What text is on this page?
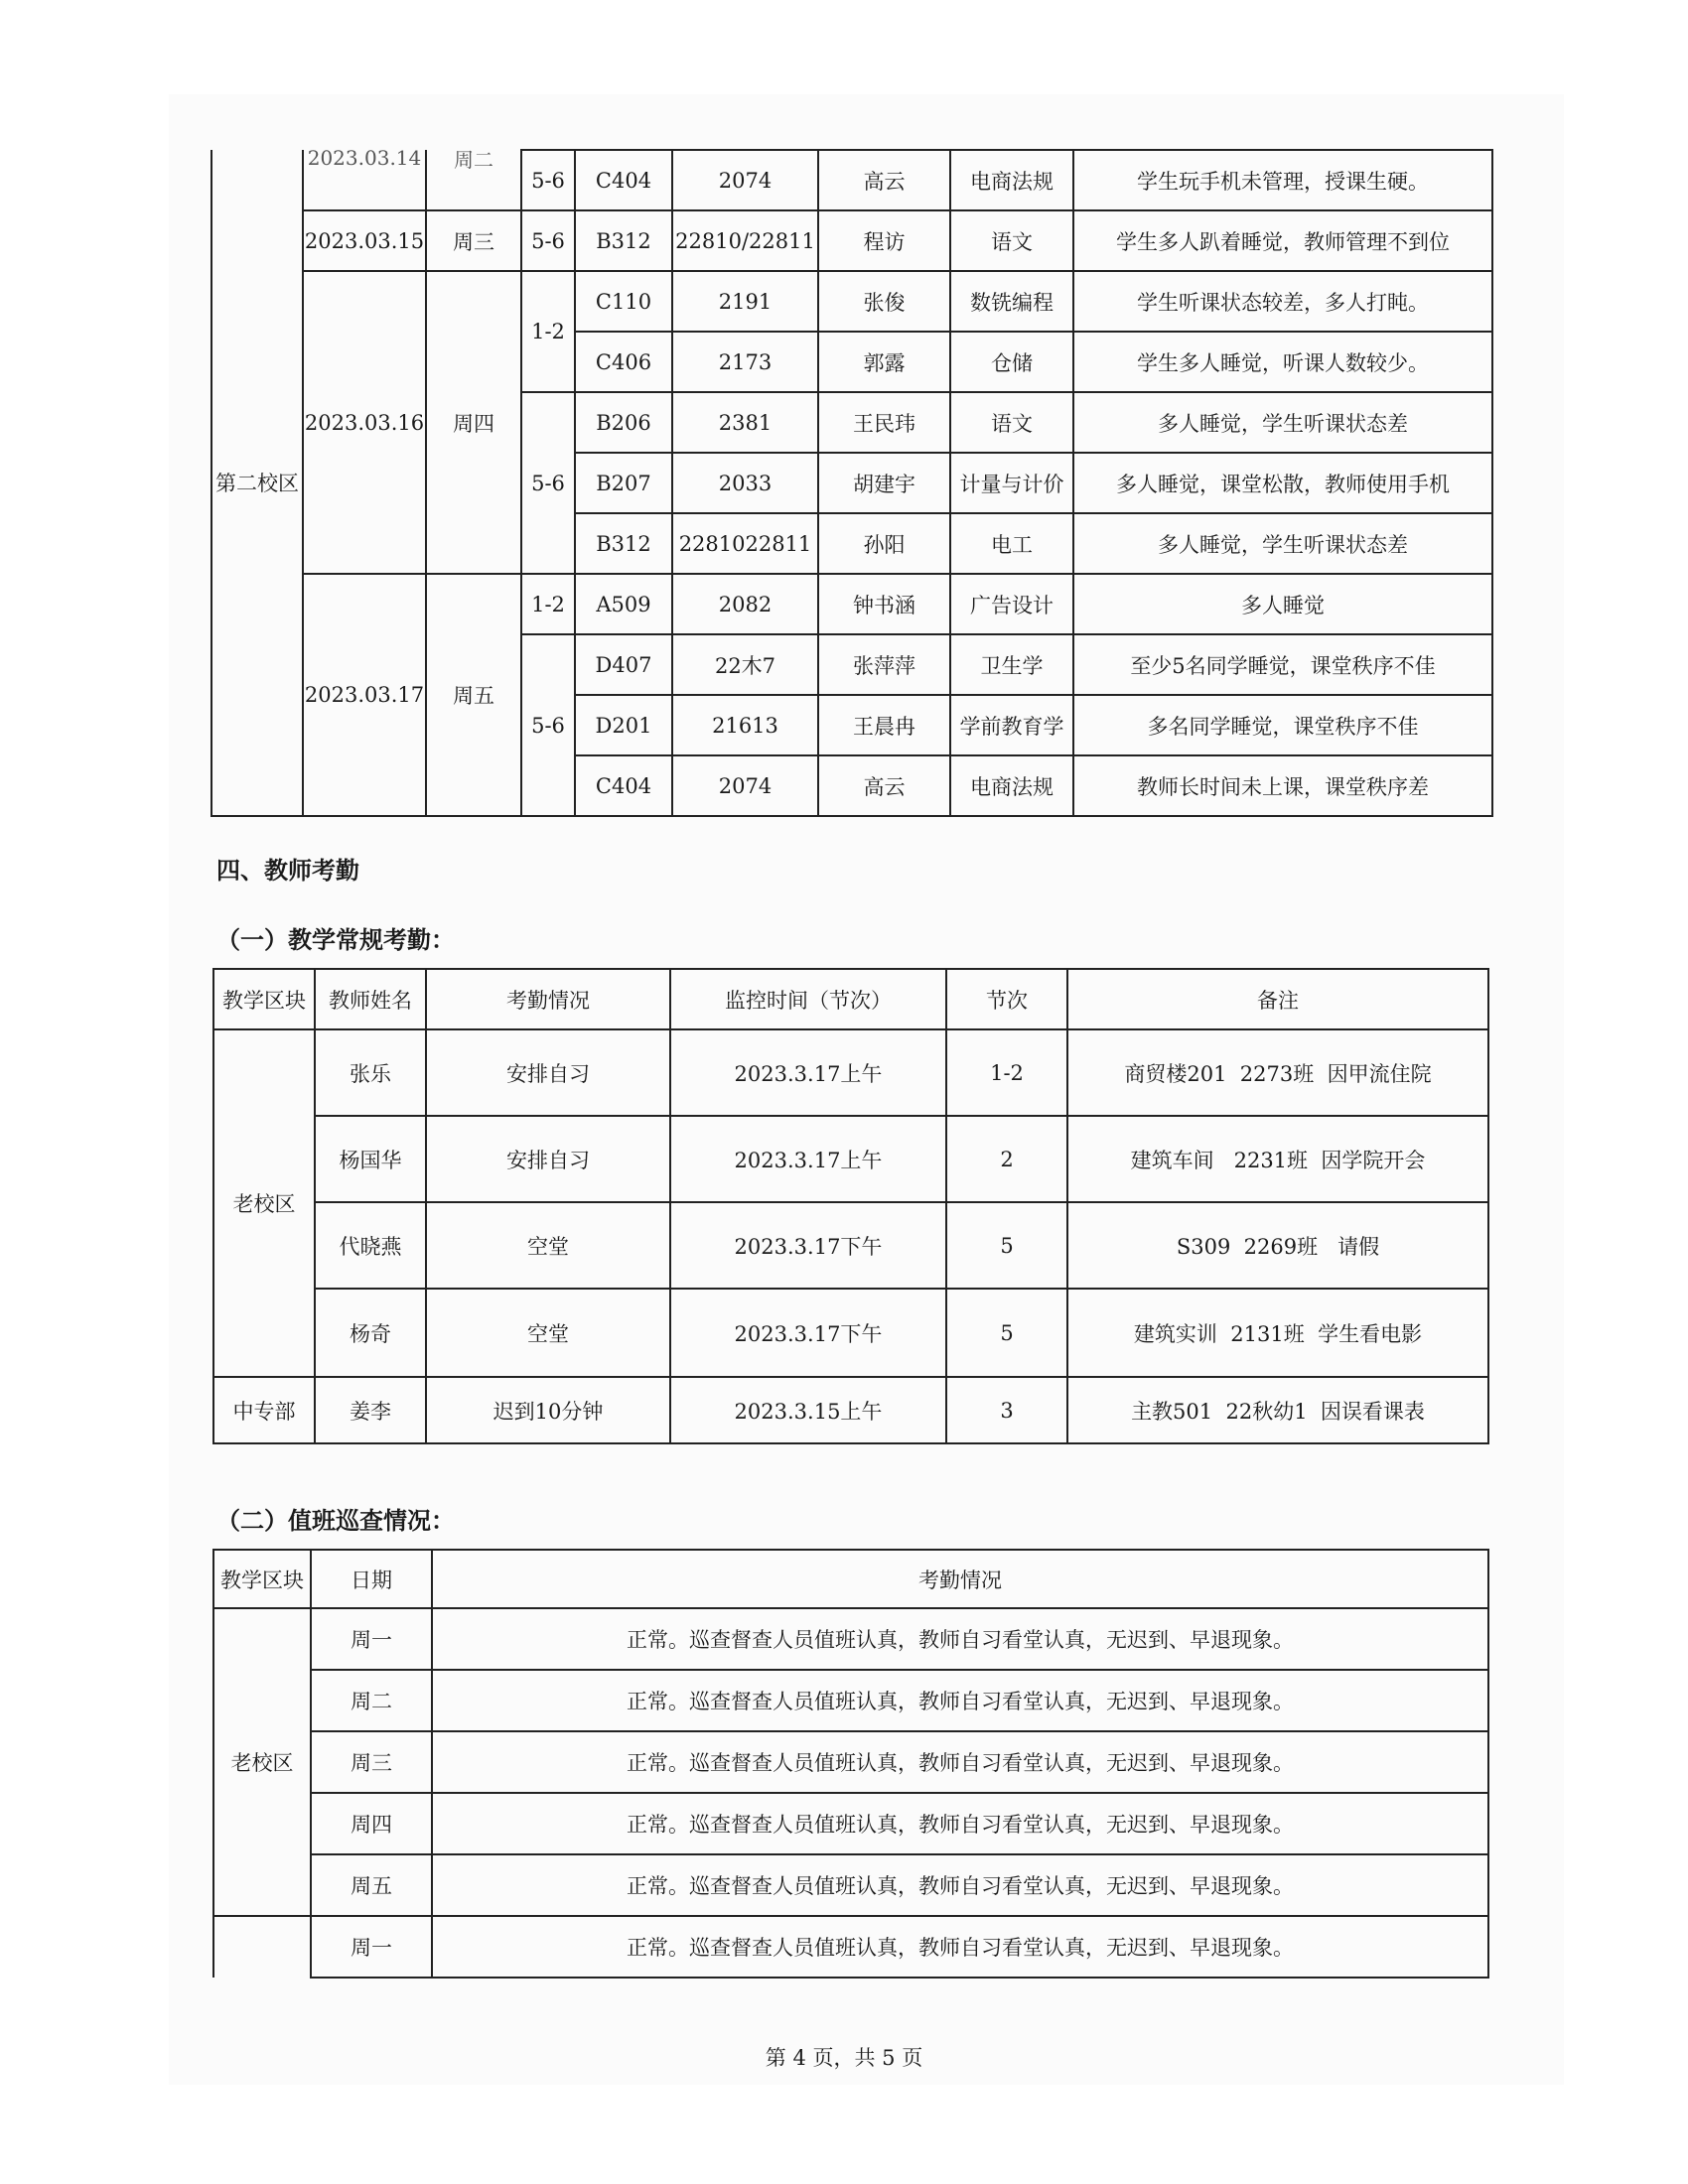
第二校区	2023.03.14	周二	5-6	C404	2074	高云	电商法规	学生玩手机未管理，授课生硬。
	2023.03.15	周三	5-6	B312	22810/22811	程访	语文	学生多人趴着睡觉，教师管理不到位
	2023.03.16	周四	1-2	C110	2191	张俊	数铣编程	学生听课状态较差，多人打盹。
				C406	2173	郭露	仓储	学生多人睡觉，听课人数较少。
			5-6	B206	2381	王民玮	语文	多人睡觉，学生听课状态差
				B207	2033	胡建宇	计量与计价	多人睡觉，课堂松散，教师使用手机
				B312	2281022811	孙阳	电工	多人睡觉，学生听课状态差
	2023.03.17	周五	1-2	A509	2082	钟书涵	广告设计	多人睡觉
			5-6	D407	22木7	张萍萍	卫生学	至少5名同学睡觉，课堂秩序不佳
				D201	21613	王晨冉	学前教育学	多名同学睡觉，课堂秩序不佳
				C404	2074	高云	电商法规	教师长时间未上课，课堂秩序差
四、教师考勤
（一）教学常规考勤：
教学区块	教师姓名	考勤情况	监控时间（节次）	节次	备注
老校区	张乐	安排自习	2023.3.17上午	1-2	商贸楼201  2273班  因甲流住院
	杨国华	安排自习	2023.3.17上午	2	建筑车间   2231班  因学院开会
	代晓燕	空堂	2023.3.17下午	5	S309  2269班   请假
	杨奇	空堂	2023.3.17下午	5	建筑实训  2131班  学生看电影
中专部	姜李	迟到10分钟	2023.3.15上午	3	主教501  22秋幼1  因误看课表
（二）值班巡查情况：
教学区块	日期	考勤情况
老校区	周一	正常。巡查督查人员值班认真，教师自习看堂认真，无迟到、早退现象。
	周二	正常。巡查督查人员值班认真，教师自习看堂认真，无迟到、早退现象。
	周三	正常。巡查督查人员值班认真，教师自习看堂认真，无迟到、早退现象。
	周四	正常。巡查督查人员值班认真，教师自习看堂认真，无迟到、早退现象。
	周五	正常。巡查督查人员值班认真，教师自习看堂认真，无迟到、早退现象。
	周一	正常。巡查督查人员值班认真，教师自习看堂认真，无迟到、早退现象。
第 4 页，共 5 页
